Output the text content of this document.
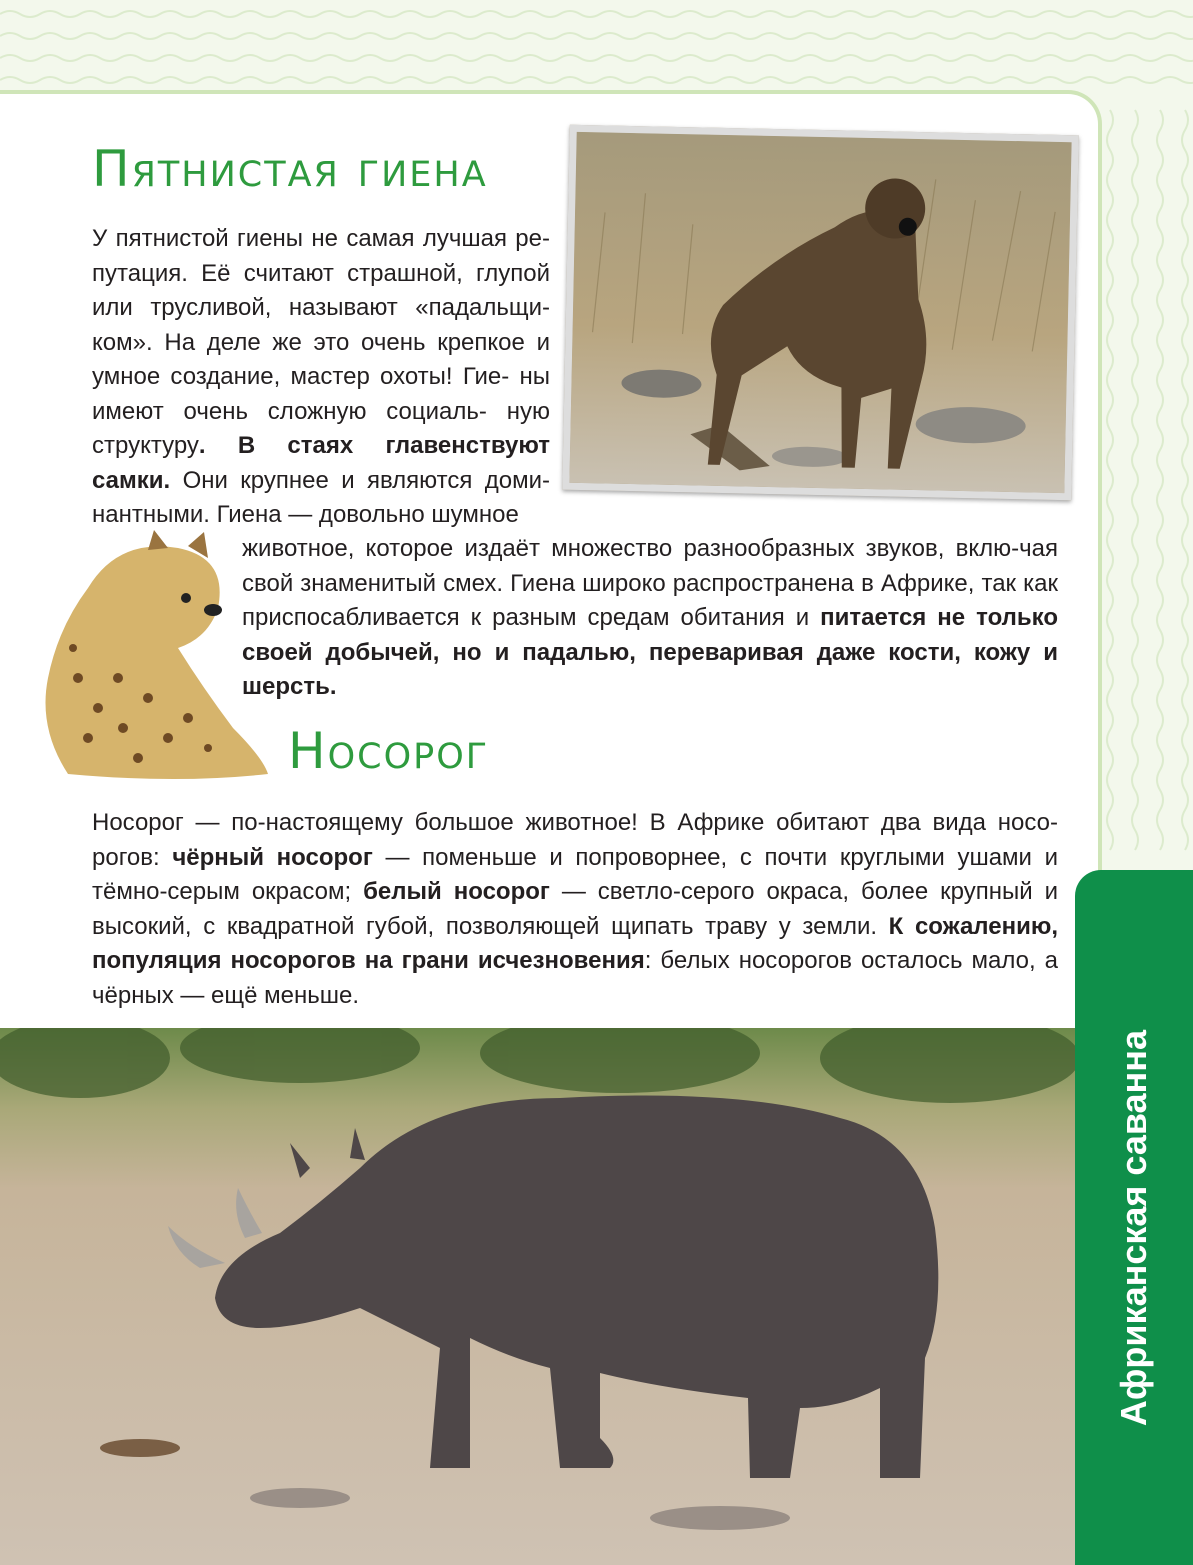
Пятнистая гиена

У пятнистой гиены не самая лучшая ре- путация. Её считают страшной, глупой или трусливой, называют «падальщи- ком». На деле же это очень крепкое и умное создание, мастер охоты! Гие- ны имеют очень сложную социаль- ную структуру. В стаях главенствуют самки. Они крупнее и являются доми-нантными. Гиена — довольно шумное

животное, которое издаёт множество разнообразных звуков, вклю-чая свой знаменитый смех. Гиена широко распространена в Африке, так как приспосабливается к разным средам обитания и питается не только своей добычей, но и падалью, переваривая даже кости, кожу и шерсть.

Носорог

Носорог — по-настоящему большое животное! В Африке обитают два вида носо-рогов: чёрный носорог — поменьше и попроворнее, с почти круглыми ушами и тёмно-серым окрасом; белый носорог — светло-серого окраса, более крупный и высокий, с квадратной губой, позволяющей щипать траву у земли. К сожалению, популяция носорогов на грани исчезновения: белых носорогов осталось мало, а чёрных — ещё меньше.

Африканская саванна
